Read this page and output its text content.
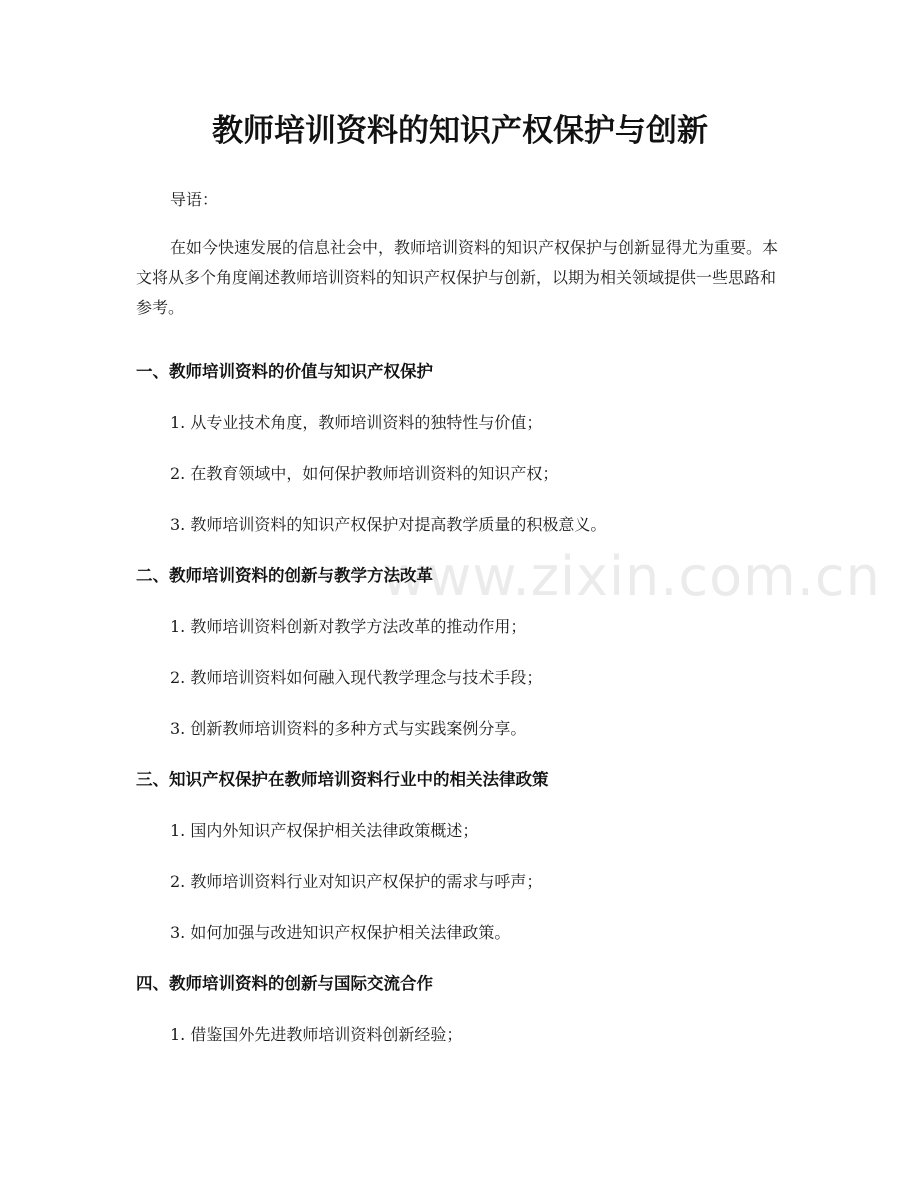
教师培训资料的知识产权保护与创新

导语：

在如今快速发展的信息社会中，教师培训资料的知识产权保护与创新显得尤为重要。本文将从多个角度阐述教师培训资料的知识产权保护与创新，以期为相关领域提供一些思路和参考。

一、教师培训资料的价值与知识产权保护

1. 从专业技术角度，教师培训资料的独特性与价值；

2. 在教育领域中，如何保护教师培训资料的知识产权；

3. 教师培训资料的知识产权保护对提高教学质量的积极意义。

二、教师培训资料的创新与教学方法改革

1. 教师培训资料创新对教学方法改革的推动作用；

2. 教师培训资料如何融入现代教学理念与技术手段；

3. 创新教师培训资料的多种方式与实践案例分享。

三、知识产权保护在教师培训资料行业中的相关法律政策

1. 国内外知识产权保护相关法律政策概述；

2. 教师培训资料行业对知识产权保护的需求与呼声；

3. 如何加强与改进知识产权保护相关法律政策。

四、教师培训资料的创新与国际交流合作

1. 借鉴国外先进教师培训资料创新经验；

www.zixin.com.cn
